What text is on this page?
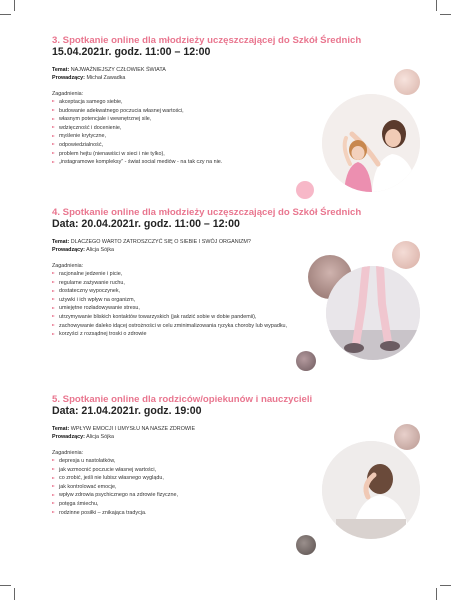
3. Spotkanie online dla młodzieży uczęszczającej do Szkół Średnich
15.04.2021r. godz. 11:00 – 12:00
Temat: NAJWAŻNIEJSZY CZŁOWIEK ŚWIATA
Prowadzący: Michał Zawadka
Zagadnienia:
akceptacja samego siebie,
budowanie adekwatnego poczucia własnej wartości,
własnym potencjale i wewnętrznej sile,
wdzięczność i docenienie,
myślenie krytyczne,
odpowiedzialność,
problem hejtu (nienawiści w sieci i nie tylko),
„instagramowe kompleksy” - świat social mediów - na tak czy na nie.
4. Spotkanie online dla młodzieży uczęszczającej do Szkół Średnich
Data: 20.04.2021r. godz. 11:00 – 12:00
Temat: DLACZEGO WARTO ZATROSZCZYĆ SIĘ O SIEBIE I SWÓJ ORGANIZM?
Prowadzący: Alicja Sójka
Zagadnienia:
racjonalne jedzenie i picie,
regularne zażywanie ruchu,
dostateczny wypoczynek,
używki i ich wpływ na organizm,
umiejętne rozładowywanie stresu,
utrzymywanie bliskich kontaktów towarzyskich (jak radzić sobie w dobie pandemii),
zachowywanie daleko idącej ostrożności w celu zminimalizowania ryzyka choroby lub wypadku,
korzyści z rozsądnej troski o zdrowie
5. Spotkanie online dla rodziców/opiekunów i nauczycieli
Data: 21.04.2021r. godz. 19:00
Temat: WPŁYW EMOCJI I UMYSŁU NA NASZE ZDROWIE
Prowadzący: Alicja Sójka
Zagadnienia:
depresja u nastolatków,
jak wzmocnić poczucie własnej wartości,
co zrobić, jeśli nie lubisz własnego wyglądu,
jak kontrolować emocje,
wpływ zdrowia psychicznego na zdrowie fizyczne,
potęga śmiechu,
rodzinne posiłki – znikająca tradycja.
